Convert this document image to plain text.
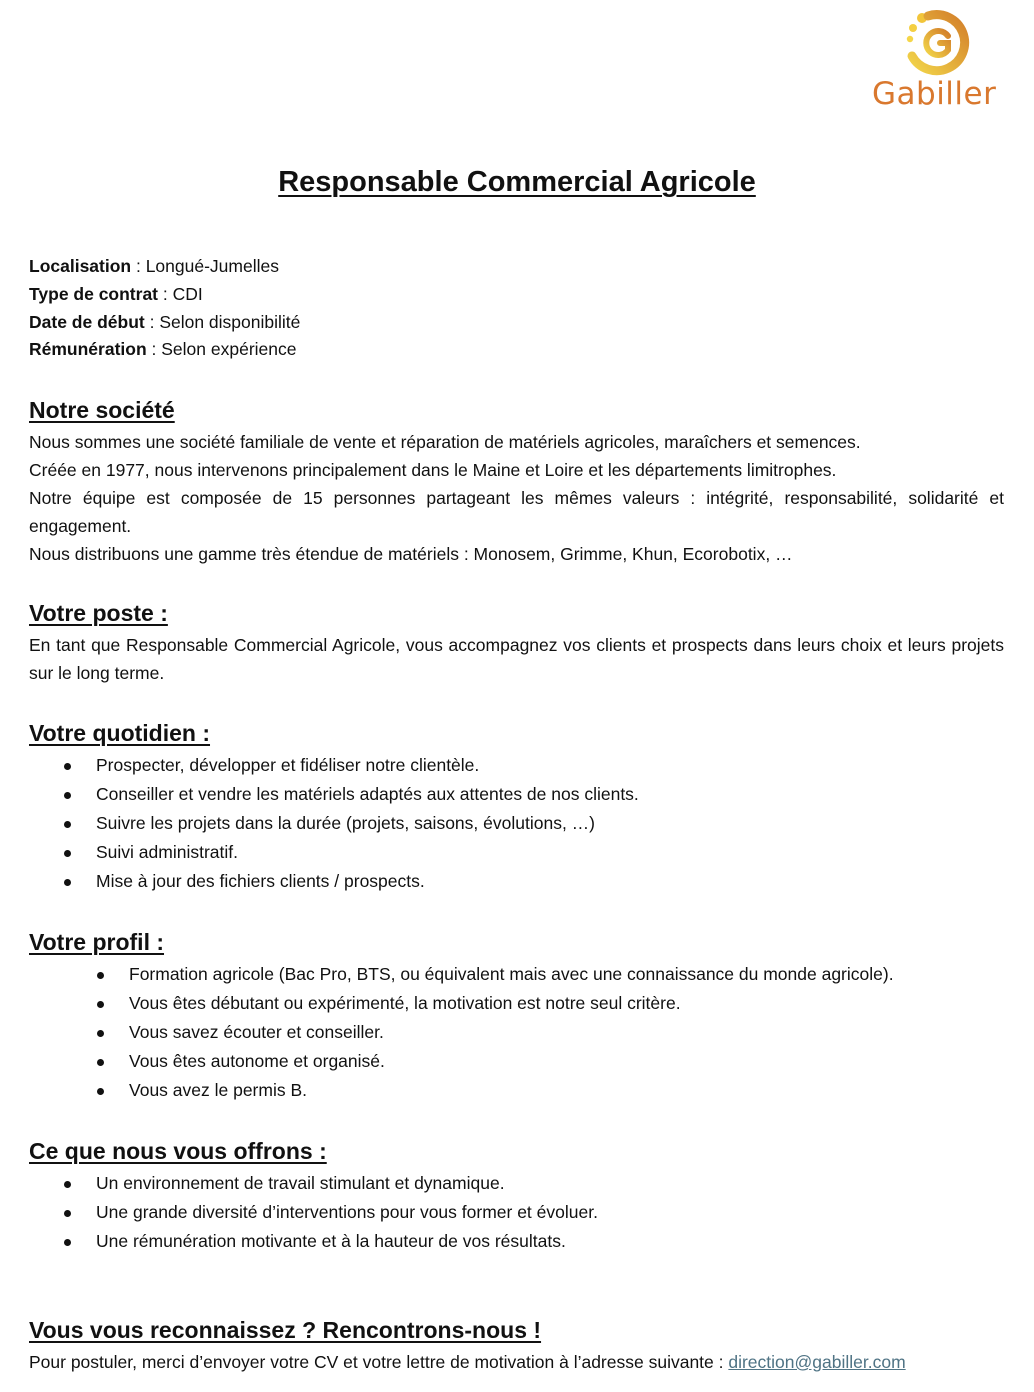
Gabiller
Responsable Commercial Agricole
Localisation : Longué-Jumelles
Type de contrat : CDI
Date de début : Selon disponibilité
Rémunération : Selon expérience
Notre société

Nous sommes une société familiale de vente et réparation de matériels agricoles, maraîchers et semences.

Créée en 1977, nous intervenons principalement dans le Maine et Loire et les départements limitrophes.

Notre équipe est composée de 15 personnes partageant les mêmes valeurs : intégrité, responsabilité, solidarité et engagement.

Nous distribuons une gamme très étendue de matériels : Monosem, Grimme, Khun, Ecorobotix, …

Votre poste :

En tant que Responsable Commercial Agricole, vous accompagnez vos clients et prospects dans leurs choix et leurs projets sur le long terme.

Votre quotidien :
Prospecter, développer et fidéliser notre clientèle.
Conseiller et vendre les matériels adaptés aux attentes de nos clients.
Suivre les projets dans la durée (projets, saisons, évolutions, …)
Suivi administratif.
Mise à jour des fichiers clients / prospects.
Votre profil :
Formation agricole (Bac Pro, BTS, ou équivalent mais avec une connaissance du monde agricole).
Vous êtes débutant ou expérimenté, la motivation est notre seul critère.
Vous savez écouter et conseiller.
Vous êtes autonome et organisé.
Vous avez le permis B.
Ce que nous vous offrons :
Un environnement de travail stimulant et dynamique.
Une grande diversité d’interventions pour vous former et évoluer.
Une rémunération motivante et à la hauteur de vos résultats.
Vous vous reconnaissez ? Rencontrons-nous !

Pour postuler, merci d’envoyer votre CV et votre lettre de motivation à l’adresse suivante : direction@gabiller.com
